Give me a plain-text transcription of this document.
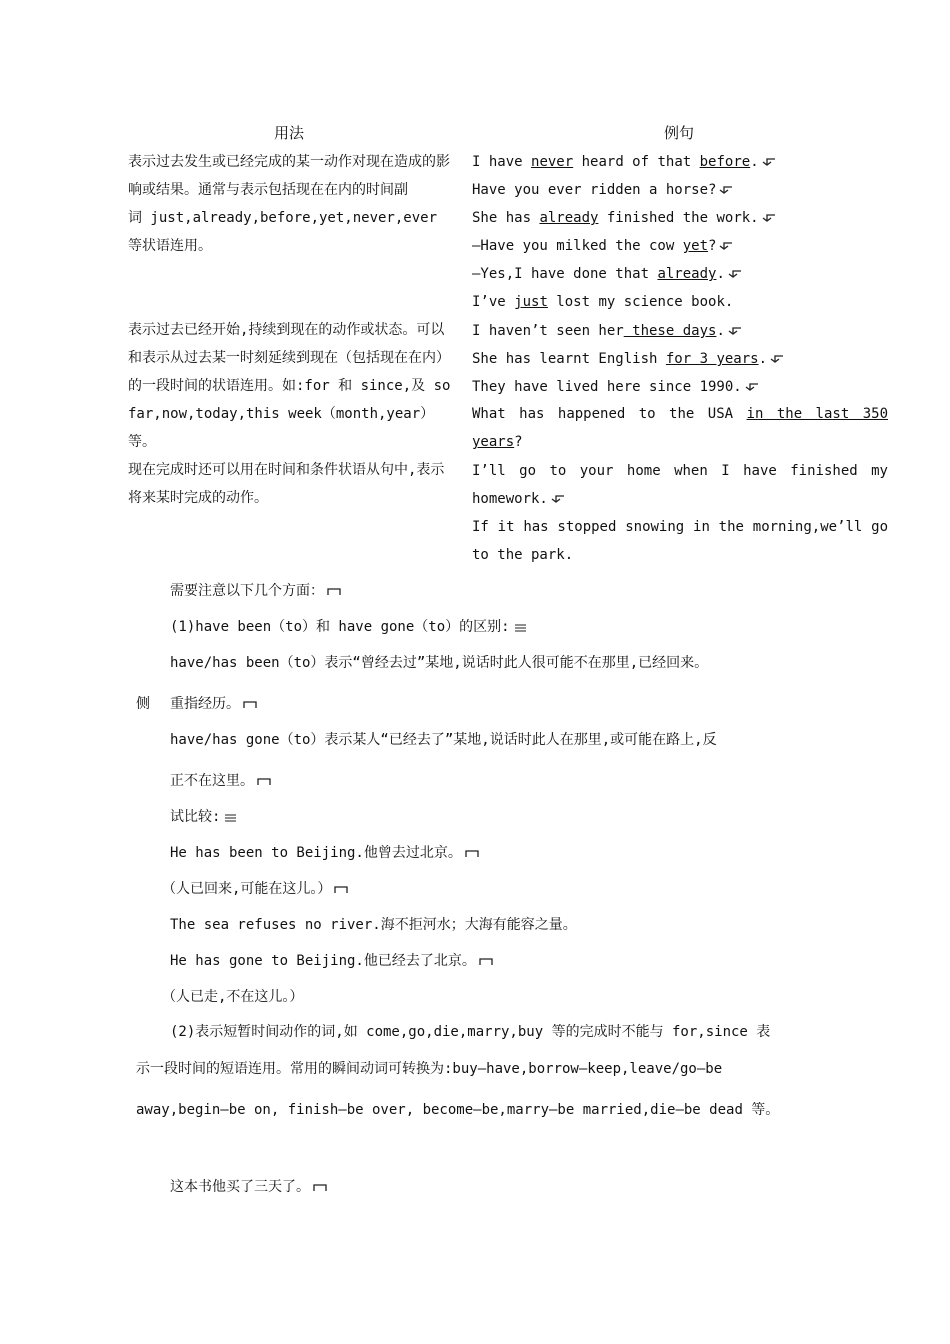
用法	例句
表示过去发生或已经完成的某一动作对现在造成的影响或结果。通常与表示包括现在在内的时间副
词 just,already,before,yet,never,ever 等状语连用。
表示过去已经开始,持续到现在的动作或状态。可以和表示从过去某一时刻延续到现在（包括现在在内）的一段时间的状语连用。如:for 和 since,及 so far,now,today,this week（month,year）等。
现在完成时还可以用在时间和条件状语从句中,表示将来某时完成的动作。
I have never heard of that before.
Have you ever ridden a horse?
She has already finished the work.
—Have you milked the cow yet?
—Yes,I have done that already.
I’ve just lost my science book.
I haven’t seen her these days.
She has learnt English for 3 years.
They have lived here since 1990.
What has happened to the USA in the last 350 years?
I’ll go to your home when I have finished my homework.
If it has stopped snowing in the morning,we’ll go to the park.
需要注意以下几个方面：
(1)have been（to）和 have gone（to）的区别:
have/has been（to）表示“曾经去过”某地,说话时此人很可能不在那里,已经回来。
侧 重指经历。
have/has gone（to）表示某人“已经去了”某地,说话时此人在那里,或可能在路上,反
正不在这里。
试比较:
He has been to Beijing.他曾去过北京。
（人已回来,可能在这儿。）
The sea refuses no river.海不拒河水；大海有能容之量。
He has gone to Beijing.他已经去了北京。
（人已走,不在这儿。）
(2)表示短暂时间动作的词,如 come,go,die,marry,buy 等的完成时不能与 for,since 表
示一段时间的短语连用。常用的瞬间动词可转换为:buy—have,borrow—keep,leave/go—be
away,begin—be on, finish—be over, become—be,marry—be married,die—be dead 等。
这本书他买了三天了。
